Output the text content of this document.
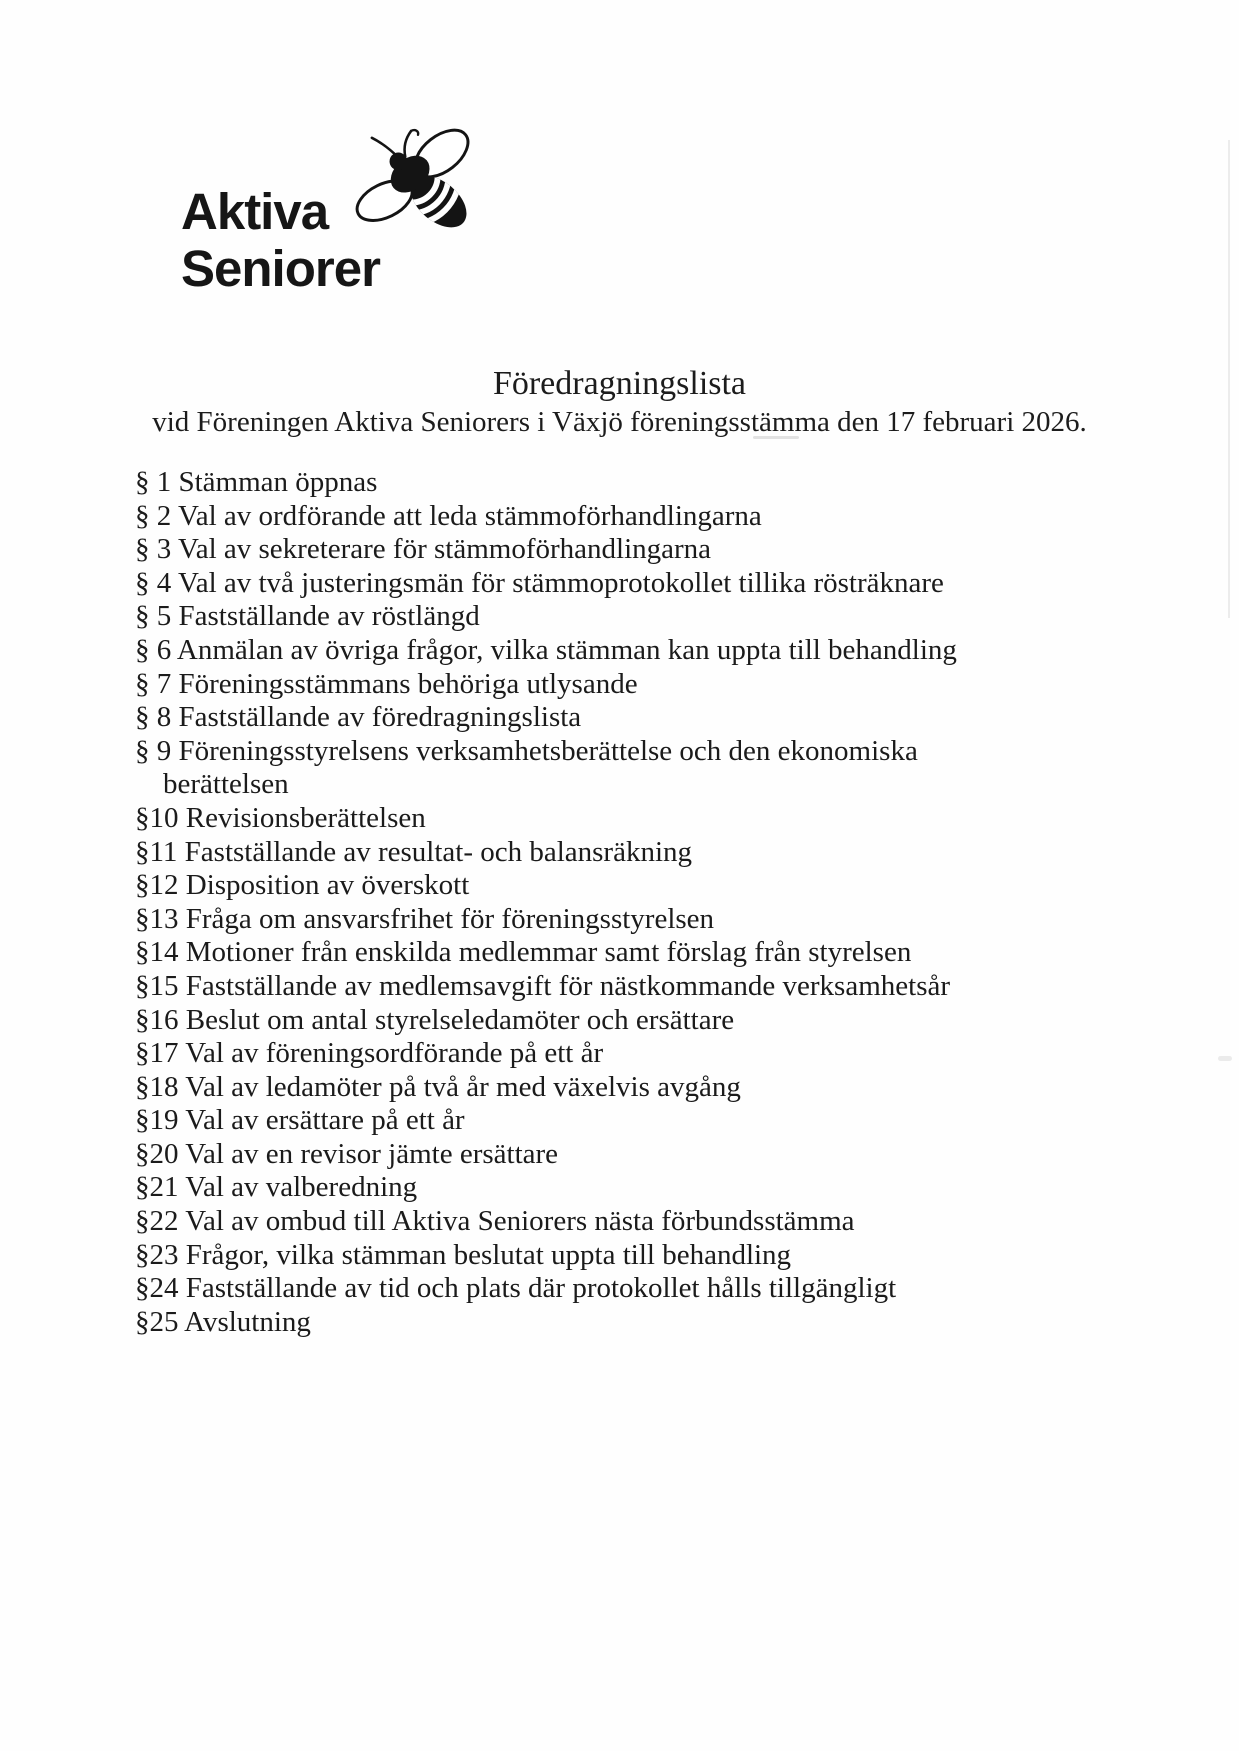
Aktiva
Seniorer
Föredragningslista
vid Föreningen Aktiva Seniorers i Växjö föreningsstämma den 17 februari 2026.
§ 1 Stämman öppnas
§ 2 Val av ordförande att leda stämmoförhandlingarna
§ 3 Val av sekreterare för stämmoförhandlingarna
§ 4 Val av två justeringsmän för stämmoprotokollet tillika rösträknare
§ 5 Fastställande av röstlängd
§ 6 Anmälan av övriga frågor, vilka stämman kan uppta till behandling
§ 7 Föreningsstämmans behöriga utlysande
§ 8 Fastställande av föredragningslista
§ 9 Föreningsstyrelsens verksamhetsberättelse och den ekonomiska
berättelsen
§10 Revisionsberättelsen
§11 Fastställande av resultat- och balansräkning
§12 Disposition av överskott
§13 Fråga om ansvarsfrihet för föreningsstyrelsen
§14 Motioner från enskilda medlemmar samt förslag från styrelsen
§15 Fastställande av medlemsavgift för nästkommande verksamhetsår
§16 Beslut om antal styrelseledamöter och ersättare
§17 Val av föreningsordförande på ett år
§18 Val av ledamöter på två år med växelvis avgång
§19 Val av ersättare på ett år
§20 Val av en revisor jämte ersättare
§21 Val av valberedning
§22 Val av ombud till Aktiva Seniorers nästa förbundsstämma
§23 Frågor, vilka stämman beslutat uppta till behandling
§24 Fastställande av tid och plats där protokollet hålls tillgängligt
§25 Avslutning
